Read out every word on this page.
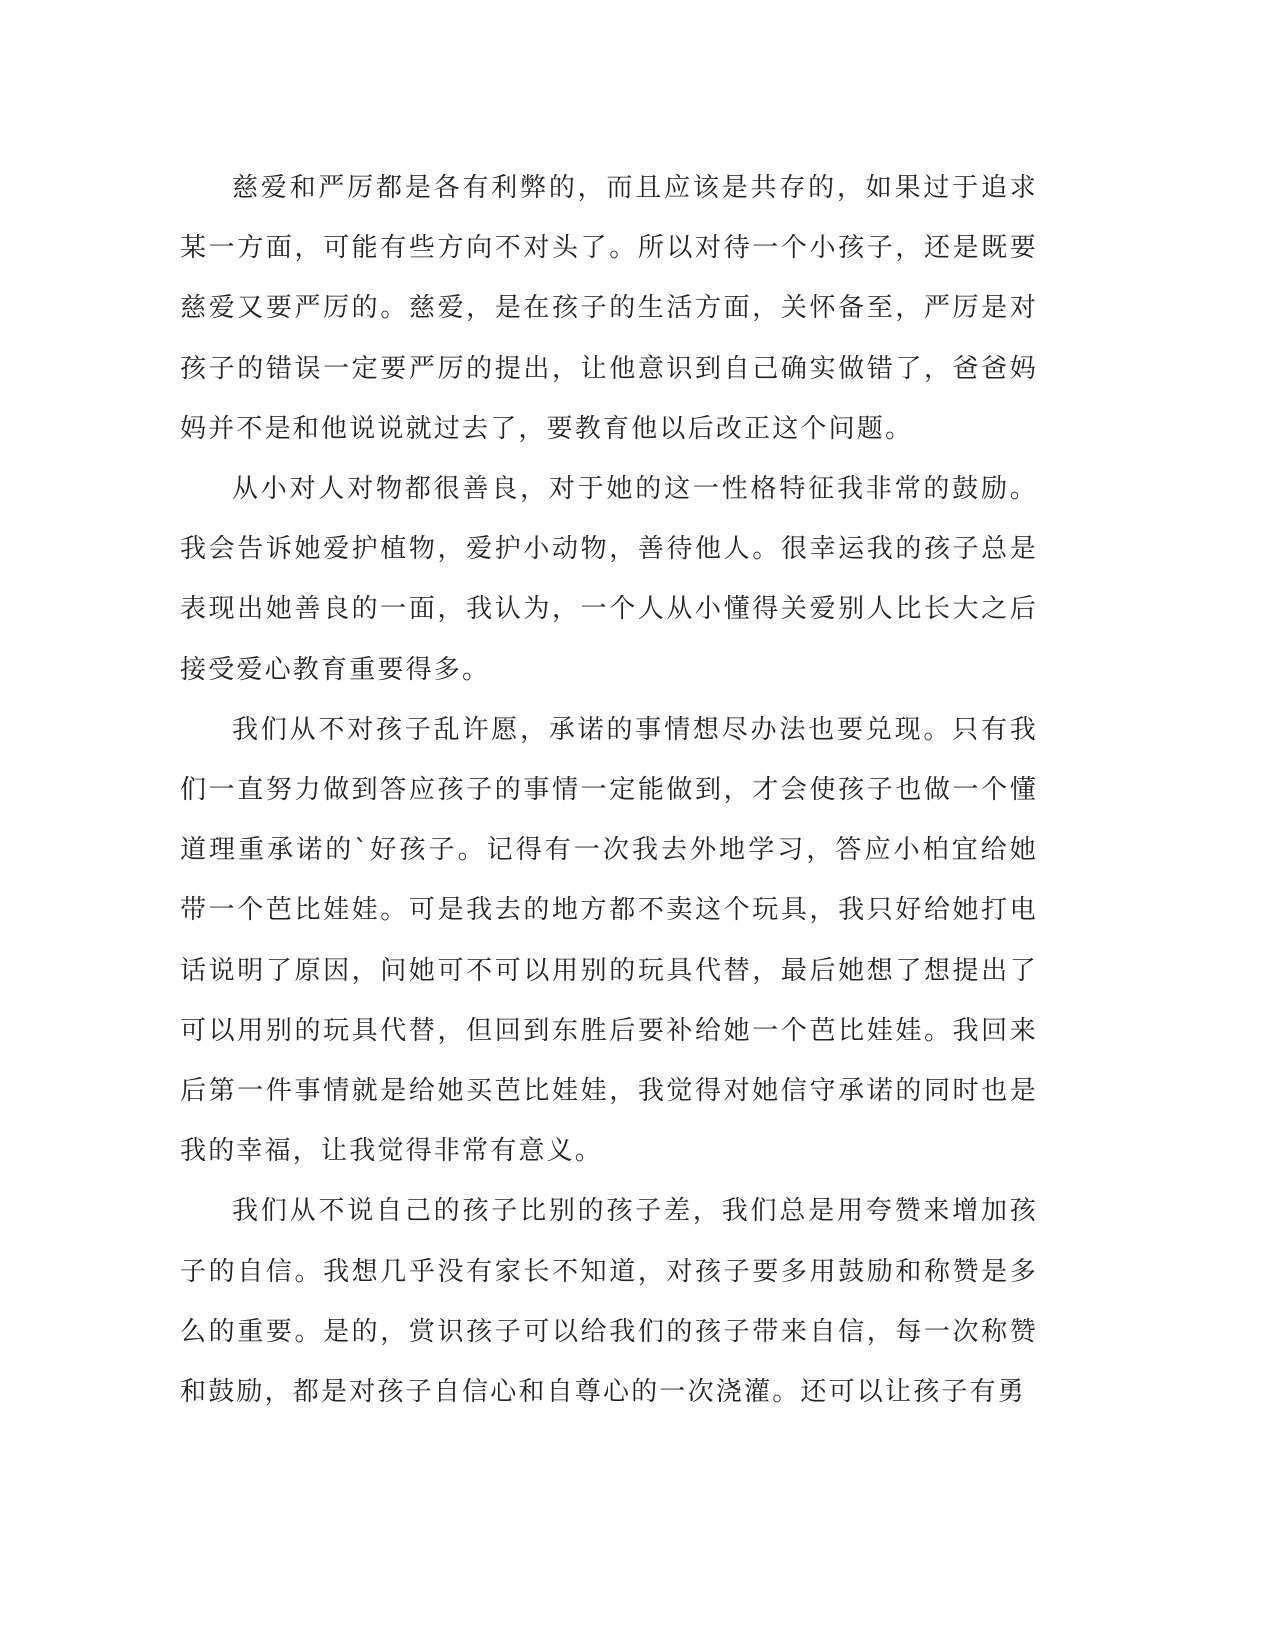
慈爱和严厉都是各有利弊的，而且应该是共存的，如果过于追求某一方面，可能有些方向不对头了。所以对待一个小孩子，还是既要慈爱又要严厉的。慈爱，是在孩子的生活方面，关怀备至，严厉是对孩子的错误一定要严厉的提出，让他意识到自己确实做错了，爸爸妈妈并不是和他说说就过去了，要教育他以后改正这个问题。

从小对人对物都很善良，对于她的这一性格特征我非常的鼓励。我会告诉她爱护植物，爱护小动物，善待他人。很幸运我的孩子总是表现出她善良的一面，我认为，一个人从小懂得关爱别人比长大之后接受爱心教育重要得多。

我们从不对孩子乱许愿，承诺的事情想尽办法也要兑现。只有我们一直努力做到答应孩子的事情一定能做到，才会使孩子也做一个懂道理重承诺的`好孩子。记得有一次我去外地学习，答应小柏宜给她带一个芭比娃娃。可是我去的地方都不卖这个玩具，我只好给她打电话说明了原因，问她可不可以用别的玩具代替，最后她想了想提出了可以用别的玩具代替，但回到东胜后要补给她一个芭比娃娃。我回来后第一件事情就是给她买芭比娃娃，我觉得对她信守承诺的同时也是我的幸福，让我觉得非常有意义。

我们从不说自己的孩子比别的孩子差，我们总是用夸赞来增加孩子的自信。我想几乎没有家长不知道，对孩子要多用鼓励和称赞是多么的重要。是的，赏识孩子可以给我们的孩子带来自信，每一次称赞和鼓励，都是对孩子自信心和自尊心的一次浇灌。还可以让孩子有勇
